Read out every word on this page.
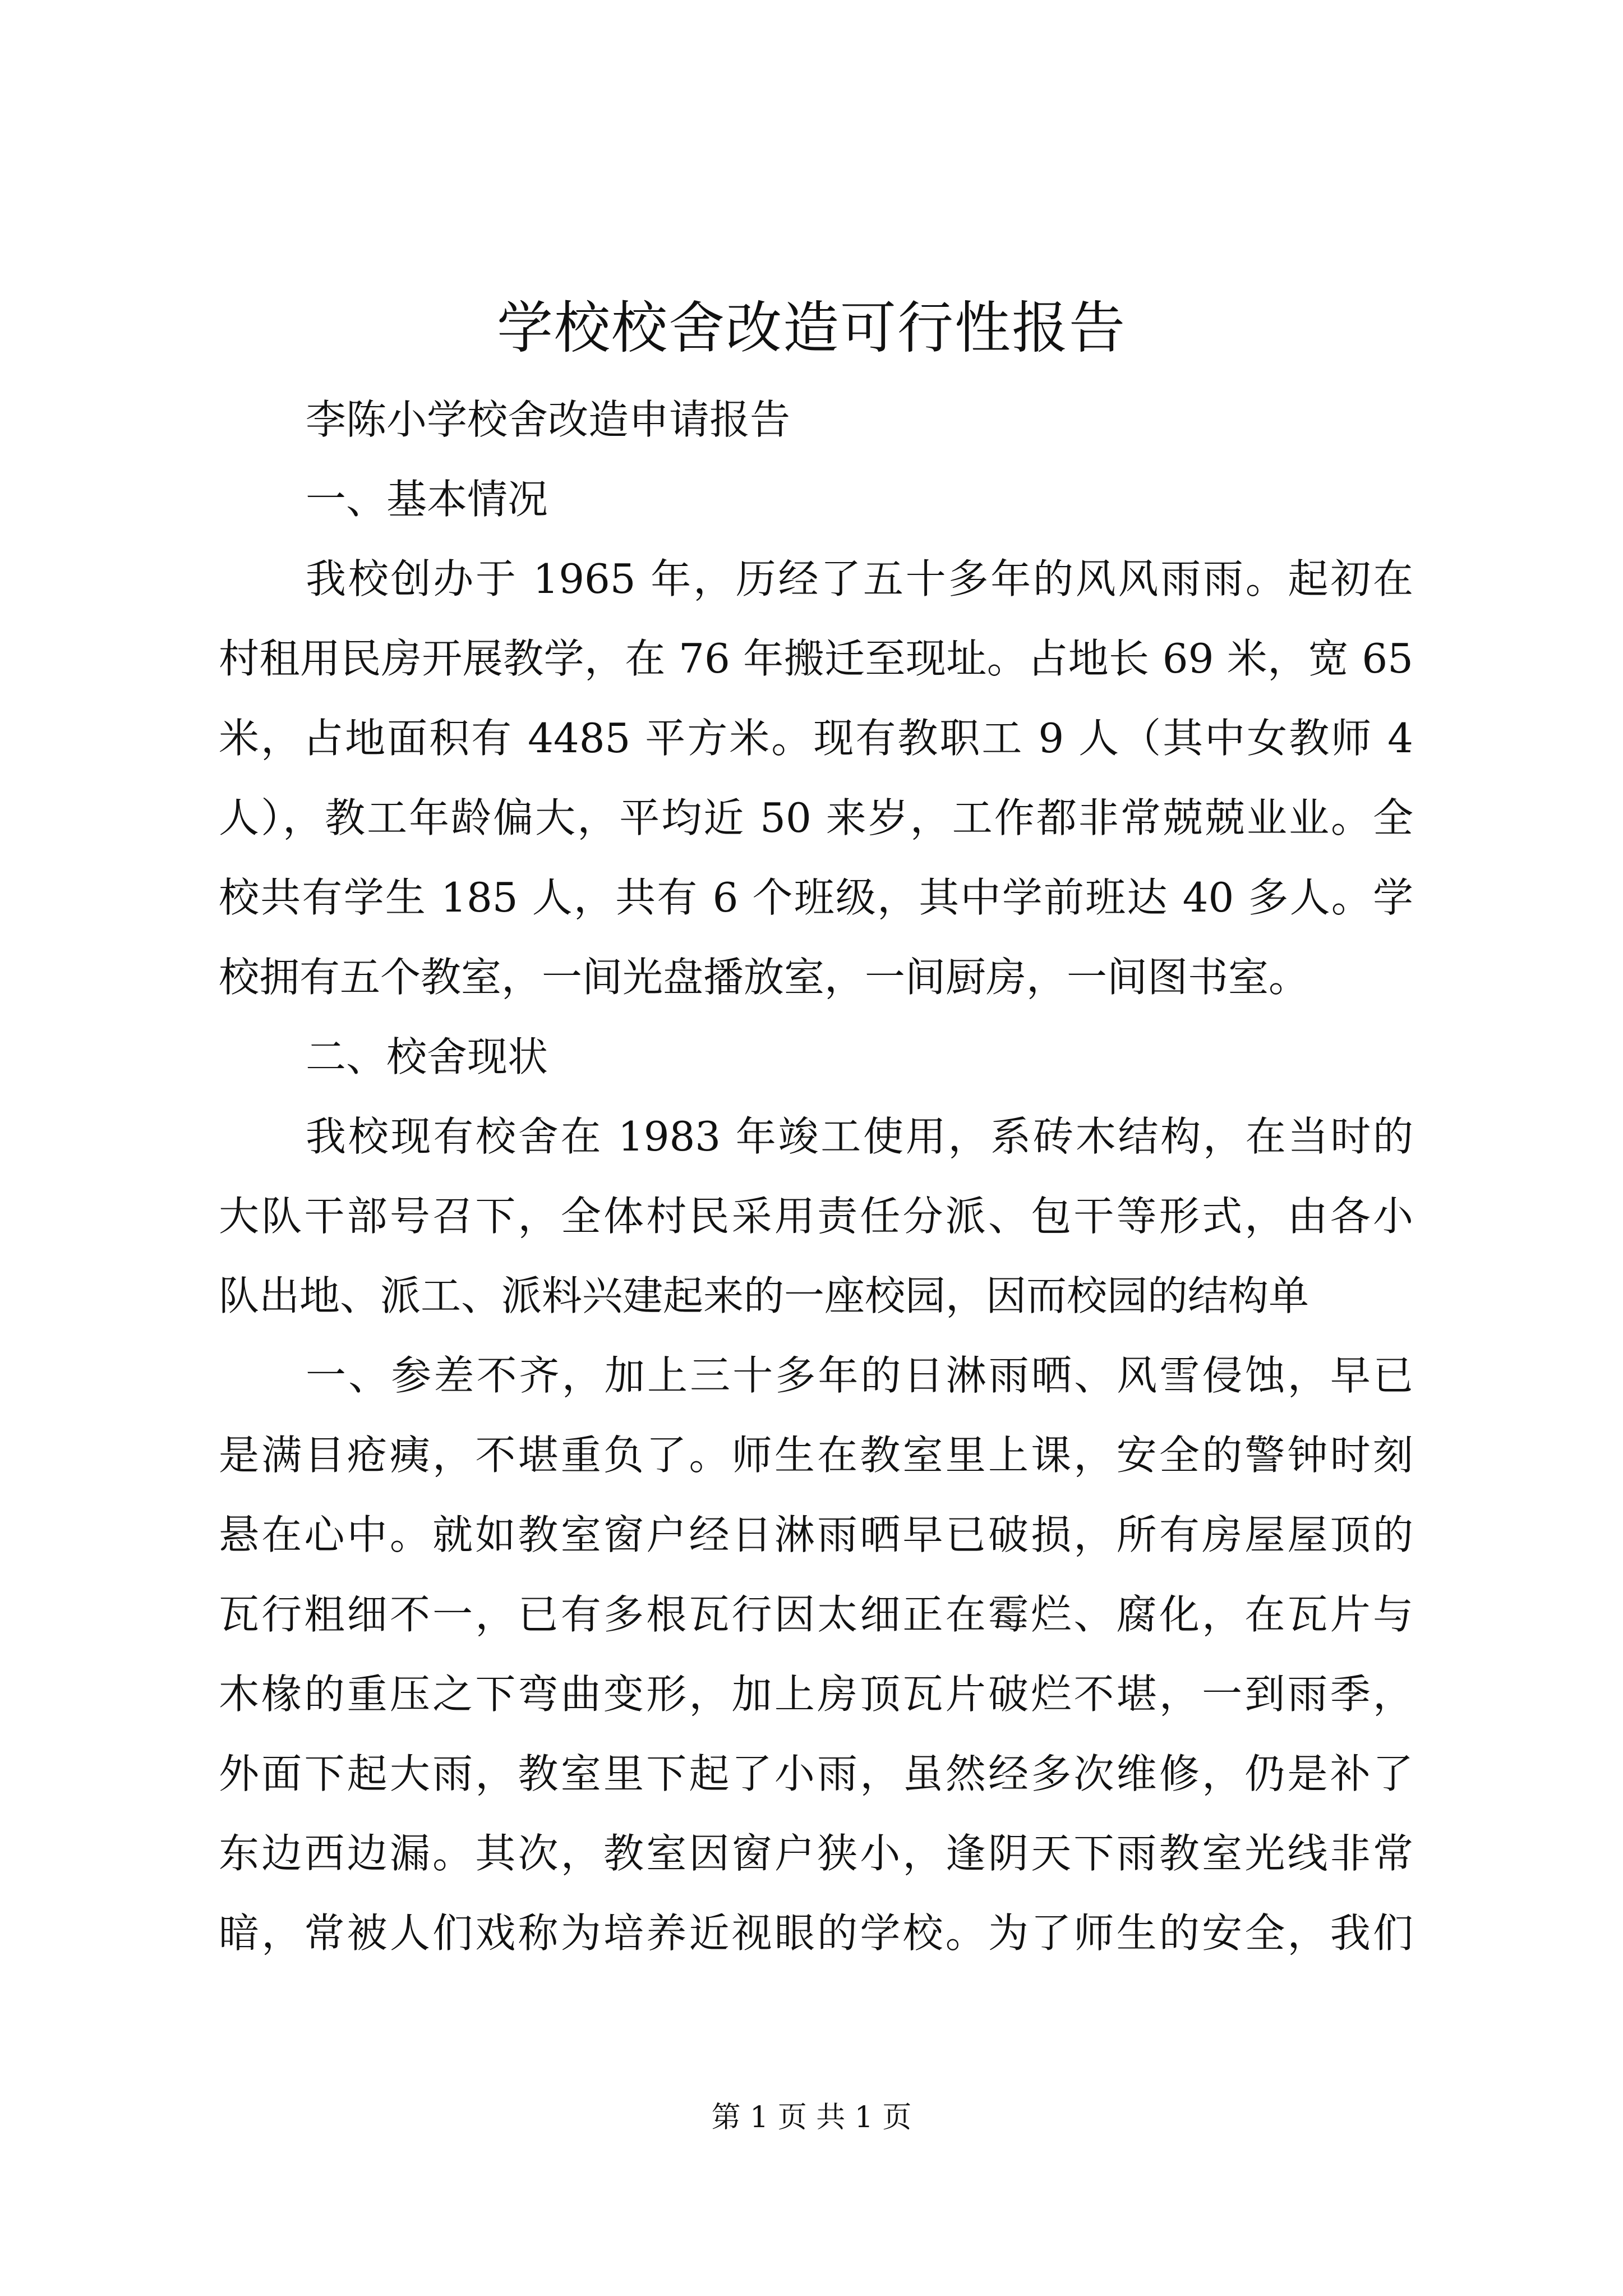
学校校舍改造可行性报告
李陈小学校舍改造申请报告
一、基本情况
我校创办于 1965 年，历经了五十多年的风风雨雨。起初在
村租用民房开展教学，在 76 年搬迁至现址。占地长 69 米，宽 65
米，占地面积有 4485 平方米。现有教职工 9 人（其中女教师 4
人），教工年龄偏大，平均近 50 来岁，工作都非常兢兢业业。全
校共有学生 185 人，共有 6 个班级，其中学前班达 40 多人。学
校拥有五个教室，一间光盘播放室，一间厨房，一间图书室。
二、校舍现状
我校现有校舍在 1983 年竣工使用，系砖木结构，在当时的
大队干部号召下，全体村民采用责任分派、包干等形式，由各小
队出地、派工、派料兴建起来的一座校园，因而校园的结构单
一、参差不齐，加上三十多年的日淋雨晒、风雪侵蚀，早已
是满目疮痍，不堪重负了。师生在教室里上课，安全的警钟时刻
悬在心中。就如教室窗户经日淋雨晒早已破损，所有房屋屋顶的
瓦行粗细不一，已有多根瓦行因太细正在霉烂、腐化，在瓦片与
木椽的重压之下弯曲变形，加上房顶瓦片破烂不堪，一到雨季，
外面下起大雨，教室里下起了小雨，虽然经多次维修，仍是补了
东边西边漏。其次，教室因窗户狭小，逢阴天下雨教室光线非常
暗，常被人们戏称为培养近视眼的学校。为了师生的安全，我们
第 1 页 共 1 页
